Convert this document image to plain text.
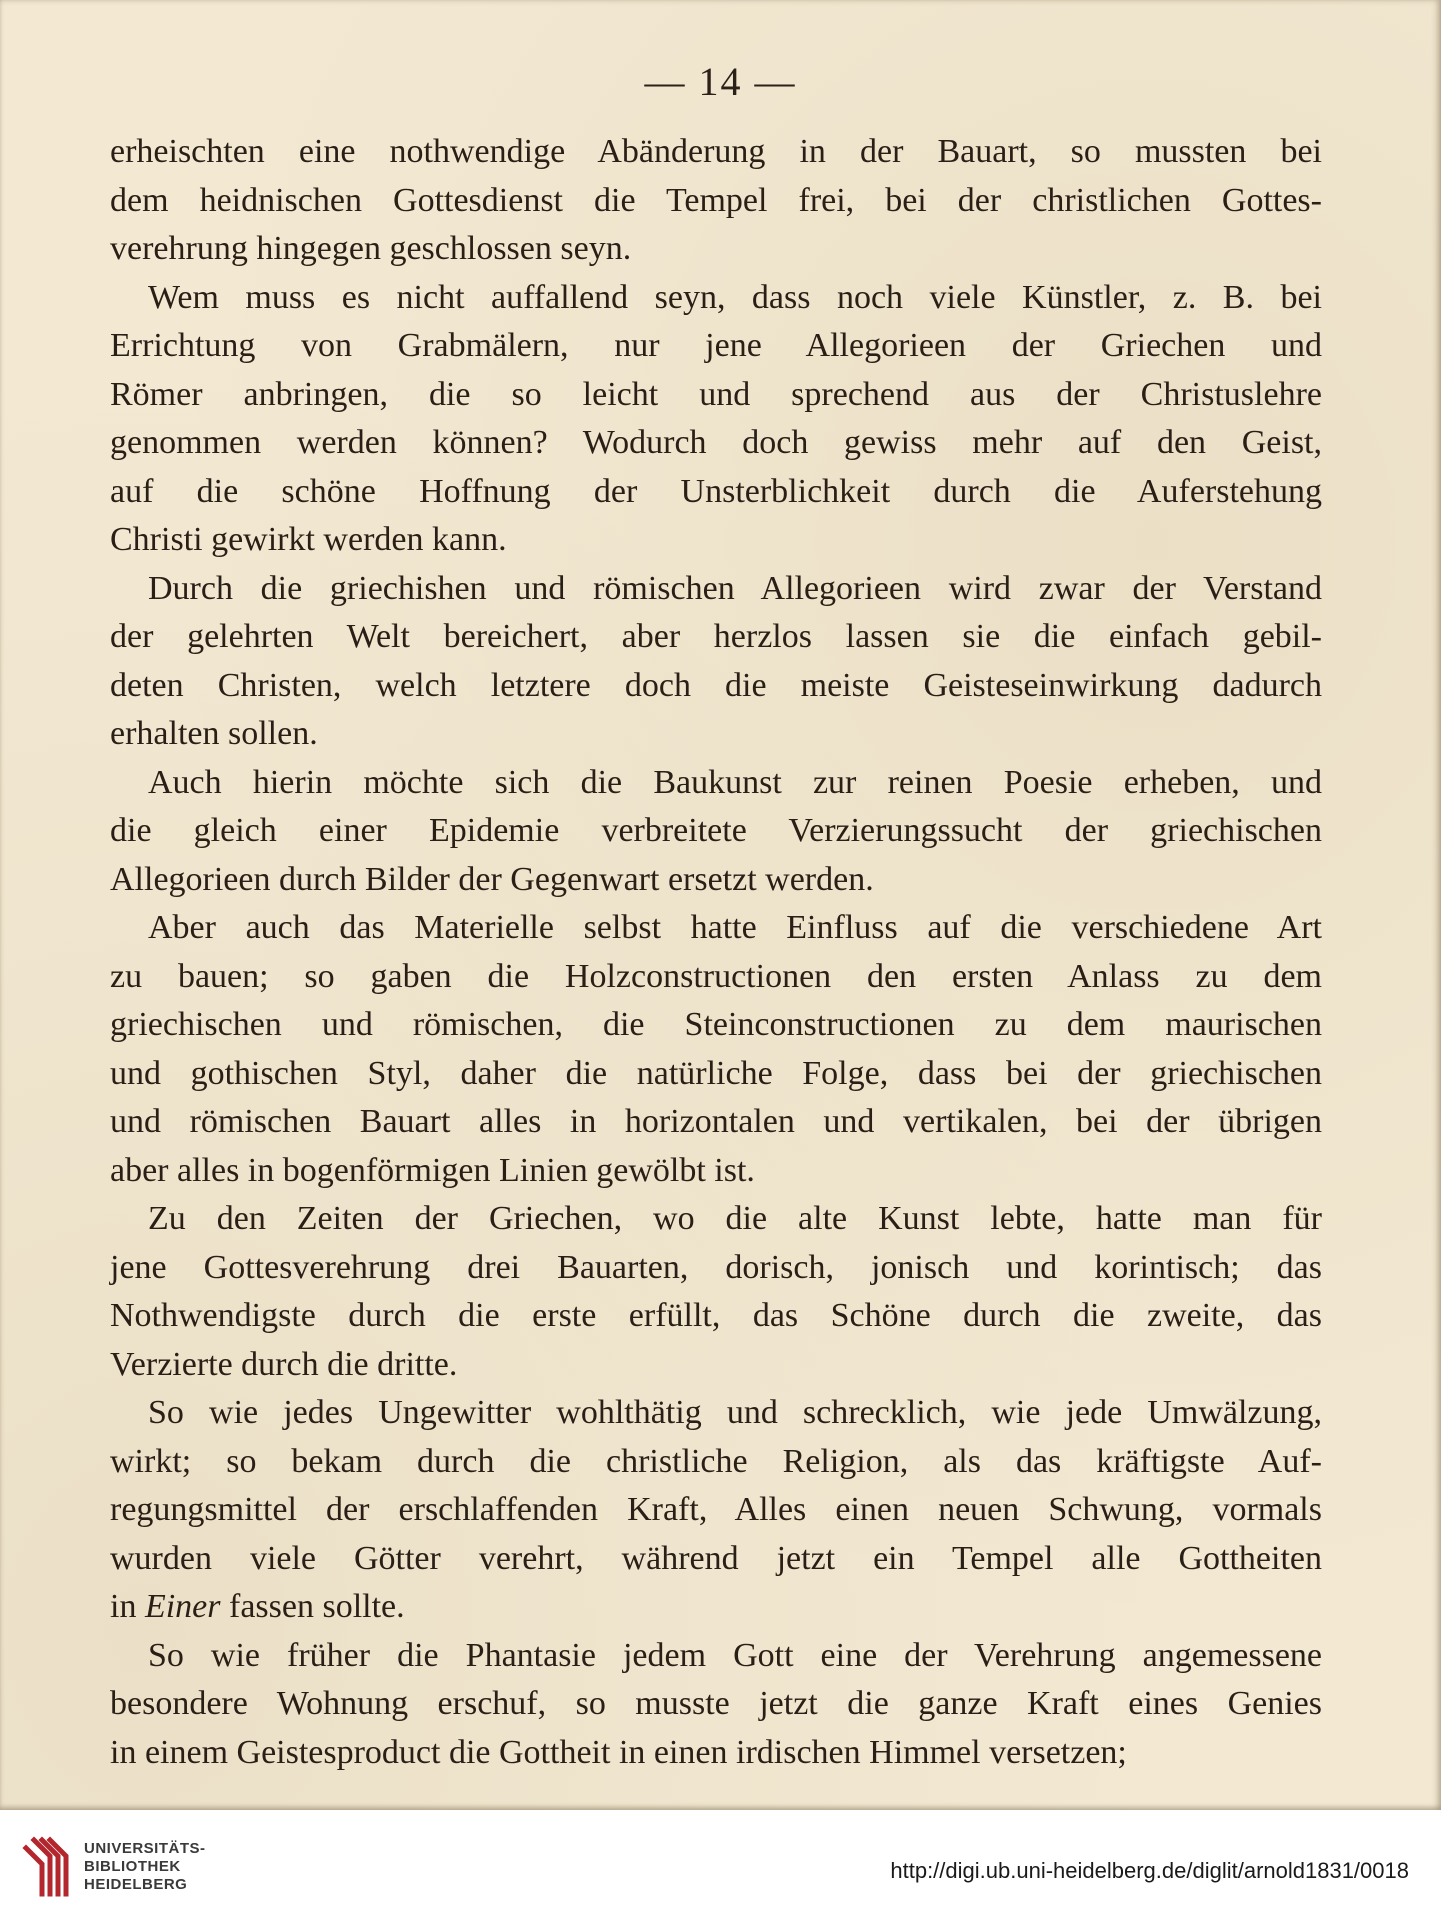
— 14 —
erheischten eine nothwendige Abänderung in der Bauart, so mussten bei
dem heidnischen Gottesdienst die Tempel frei, bei der christlichen Gottes-
verehrung hingegen geschlossen seyn.
Wem muss es nicht auffallend seyn, dass noch viele Künstler, z. B. bei
Errichtung von Grabmälern, nur jene Allegorieen der Griechen und
Römer anbringen, die so leicht und sprechend aus der Christuslehre
genommen werden können? Wodurch doch gewiss mehr auf den Geist,
auf die schöne Hoffnung der Unsterblichkeit durch die Auferstehung
Christi gewirkt werden kann.
Durch die griechishen und römischen Allegorieen wird zwar der Verstand
der gelehrten Welt bereichert, aber herzlos lassen sie die einfach gebil-
deten Christen, welch letztere doch die meiste Geisteseinwirkung dadurch
erhalten sollen.
Auch hierin möchte sich die Baukunst zur reinen Poesie erheben, und
die gleich einer Epidemie verbreitete Verzierungssucht der griechischen
Allegorieen durch Bilder der Gegenwart ersetzt werden.
Aber auch das Materielle selbst hatte Einfluss auf die verschiedene Art
zu bauen; so gaben die Holzconstructionen den ersten Anlass zu dem
griechischen und römischen, die Steinconstructionen zu dem maurischen
und gothischen Styl, daher die natürliche Folge, dass bei der griechischen
und römischen Bauart alles in horizontalen und vertikalen, bei der übrigen
aber alles in bogenförmigen Linien gewölbt ist.
Zu den Zeiten der Griechen, wo die alte Kunst lebte, hatte man für
jene Gottesverehrung drei Bauarten, dorisch, jonisch und korintisch; das
Nothwendigste durch die erste erfüllt, das Schöne durch die zweite, das
Verzierte durch die dritte.
So wie jedes Ungewitter wohlthätig und schrecklich, wie jede Umwälzung,
wirkt; so bekam durch die christliche Religion, als das kräftigste Auf-
regungsmittel der erschlaffenden Kraft, Alles einen neuen Schwung, vormals
wurden viele Götter verehrt, während jetzt ein Tempel alle Gottheiten
in Einer fassen sollte.
So wie früher die Phantasie jedem Gott eine der Verehrung angemessene
besondere Wohnung erschuf, so musste jetzt die ganze Kraft eines Genies
in einem Geistesproduct die Gottheit in einen irdischen Himmel versetzen;
UNIVERSITÄTS-
BIBLIOTHEK
HEIDELBERG
http://digi.ub.uni-heidelberg.de/diglit/arnold1831/0018
